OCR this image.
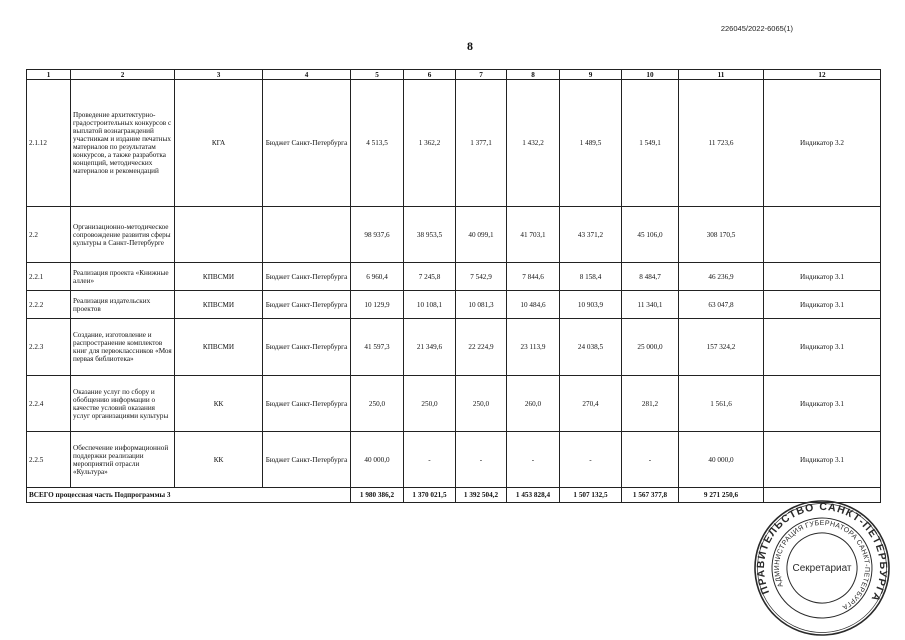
226045/2022-6065(1)
8
1	2	3	4	5	6	7	8	9	10	11	12
2.1.12	Проведение архитектурно-градостроительных конкурсов с выплатой вознаграждений участникам и издание печатных материалов по результатам конкурсов, а также разработка концепций, методических материалов и рекомендаций	КГА	Бюджет Санкт-Петербурга	4 513,5	1 362,2	1 377,1	1 432,2	1 489,5	1 549,1	11 723,6	Индикатор 3.2
2.2	Организационно-методическое сопровождение развития сферы культуры в Санкт-Петербурге			98 937,6	38 953,5	40 099,1	41 703,1	43 371,2	45 106,0	308 170,5	
2.2.1	Реализация проекта «Книжные аллеи»	КПВСМИ	Бюджет Санкт-Петербурга	6 960,4	7 245,8	7 542,9	7 844,6	8 158,4	8 484,7	46 236,9	Индикатор 3.1
2.2.2	Реализация издательских проектов	КПВСМИ	Бюджет Санкт-Петербурга	10 129,9	10 108,1	10 081,3	10 484,6	10 903,9	11 340,1	63 047,8	Индикатор 3.1
2.2.3	Создание, изготовление и распространение комплектов книг для первоклассников «Моя первая библиотека»	КПВСМИ	Бюджет Санкт-Петербурга	41 597,3	21 349,6	22 224,9	23 113,9	24 038,5	25 000,0	157 324,2	Индикатор 3.1
2.2.4	Оказание услуг по сбору и обобщению информации о качестве условий оказания услуг организациями культуры	КК	Бюджет Санкт-Петербурга	250,0	250,0	250,0	260,0	270,4	281,2	1 561,6	Индикатор 3.1
2.2.5	Обеспечение информационной поддержки реализации мероприятий отрасли «Культура»	КК	Бюджет Санкт-Петербурга	40 000,0	-	-	-	-	-	40 000,0	Индикатор 3.1
ВСЕГО процессная часть Подпрограммы 3				1 980 386,2	1 370 021,5	1 392 504,2	1 453 828,4	1 507 132,5	1 567 377,8	9 271 250,6	
ПРАВИТЕЛЬСТВО САНКТ-ПЕТЕРБУРГА
АДМИНИСТРАЦИЯ ГУБЕРНАТОРА САНКТ-ПЕТЕРБУРГА
Секретариат
